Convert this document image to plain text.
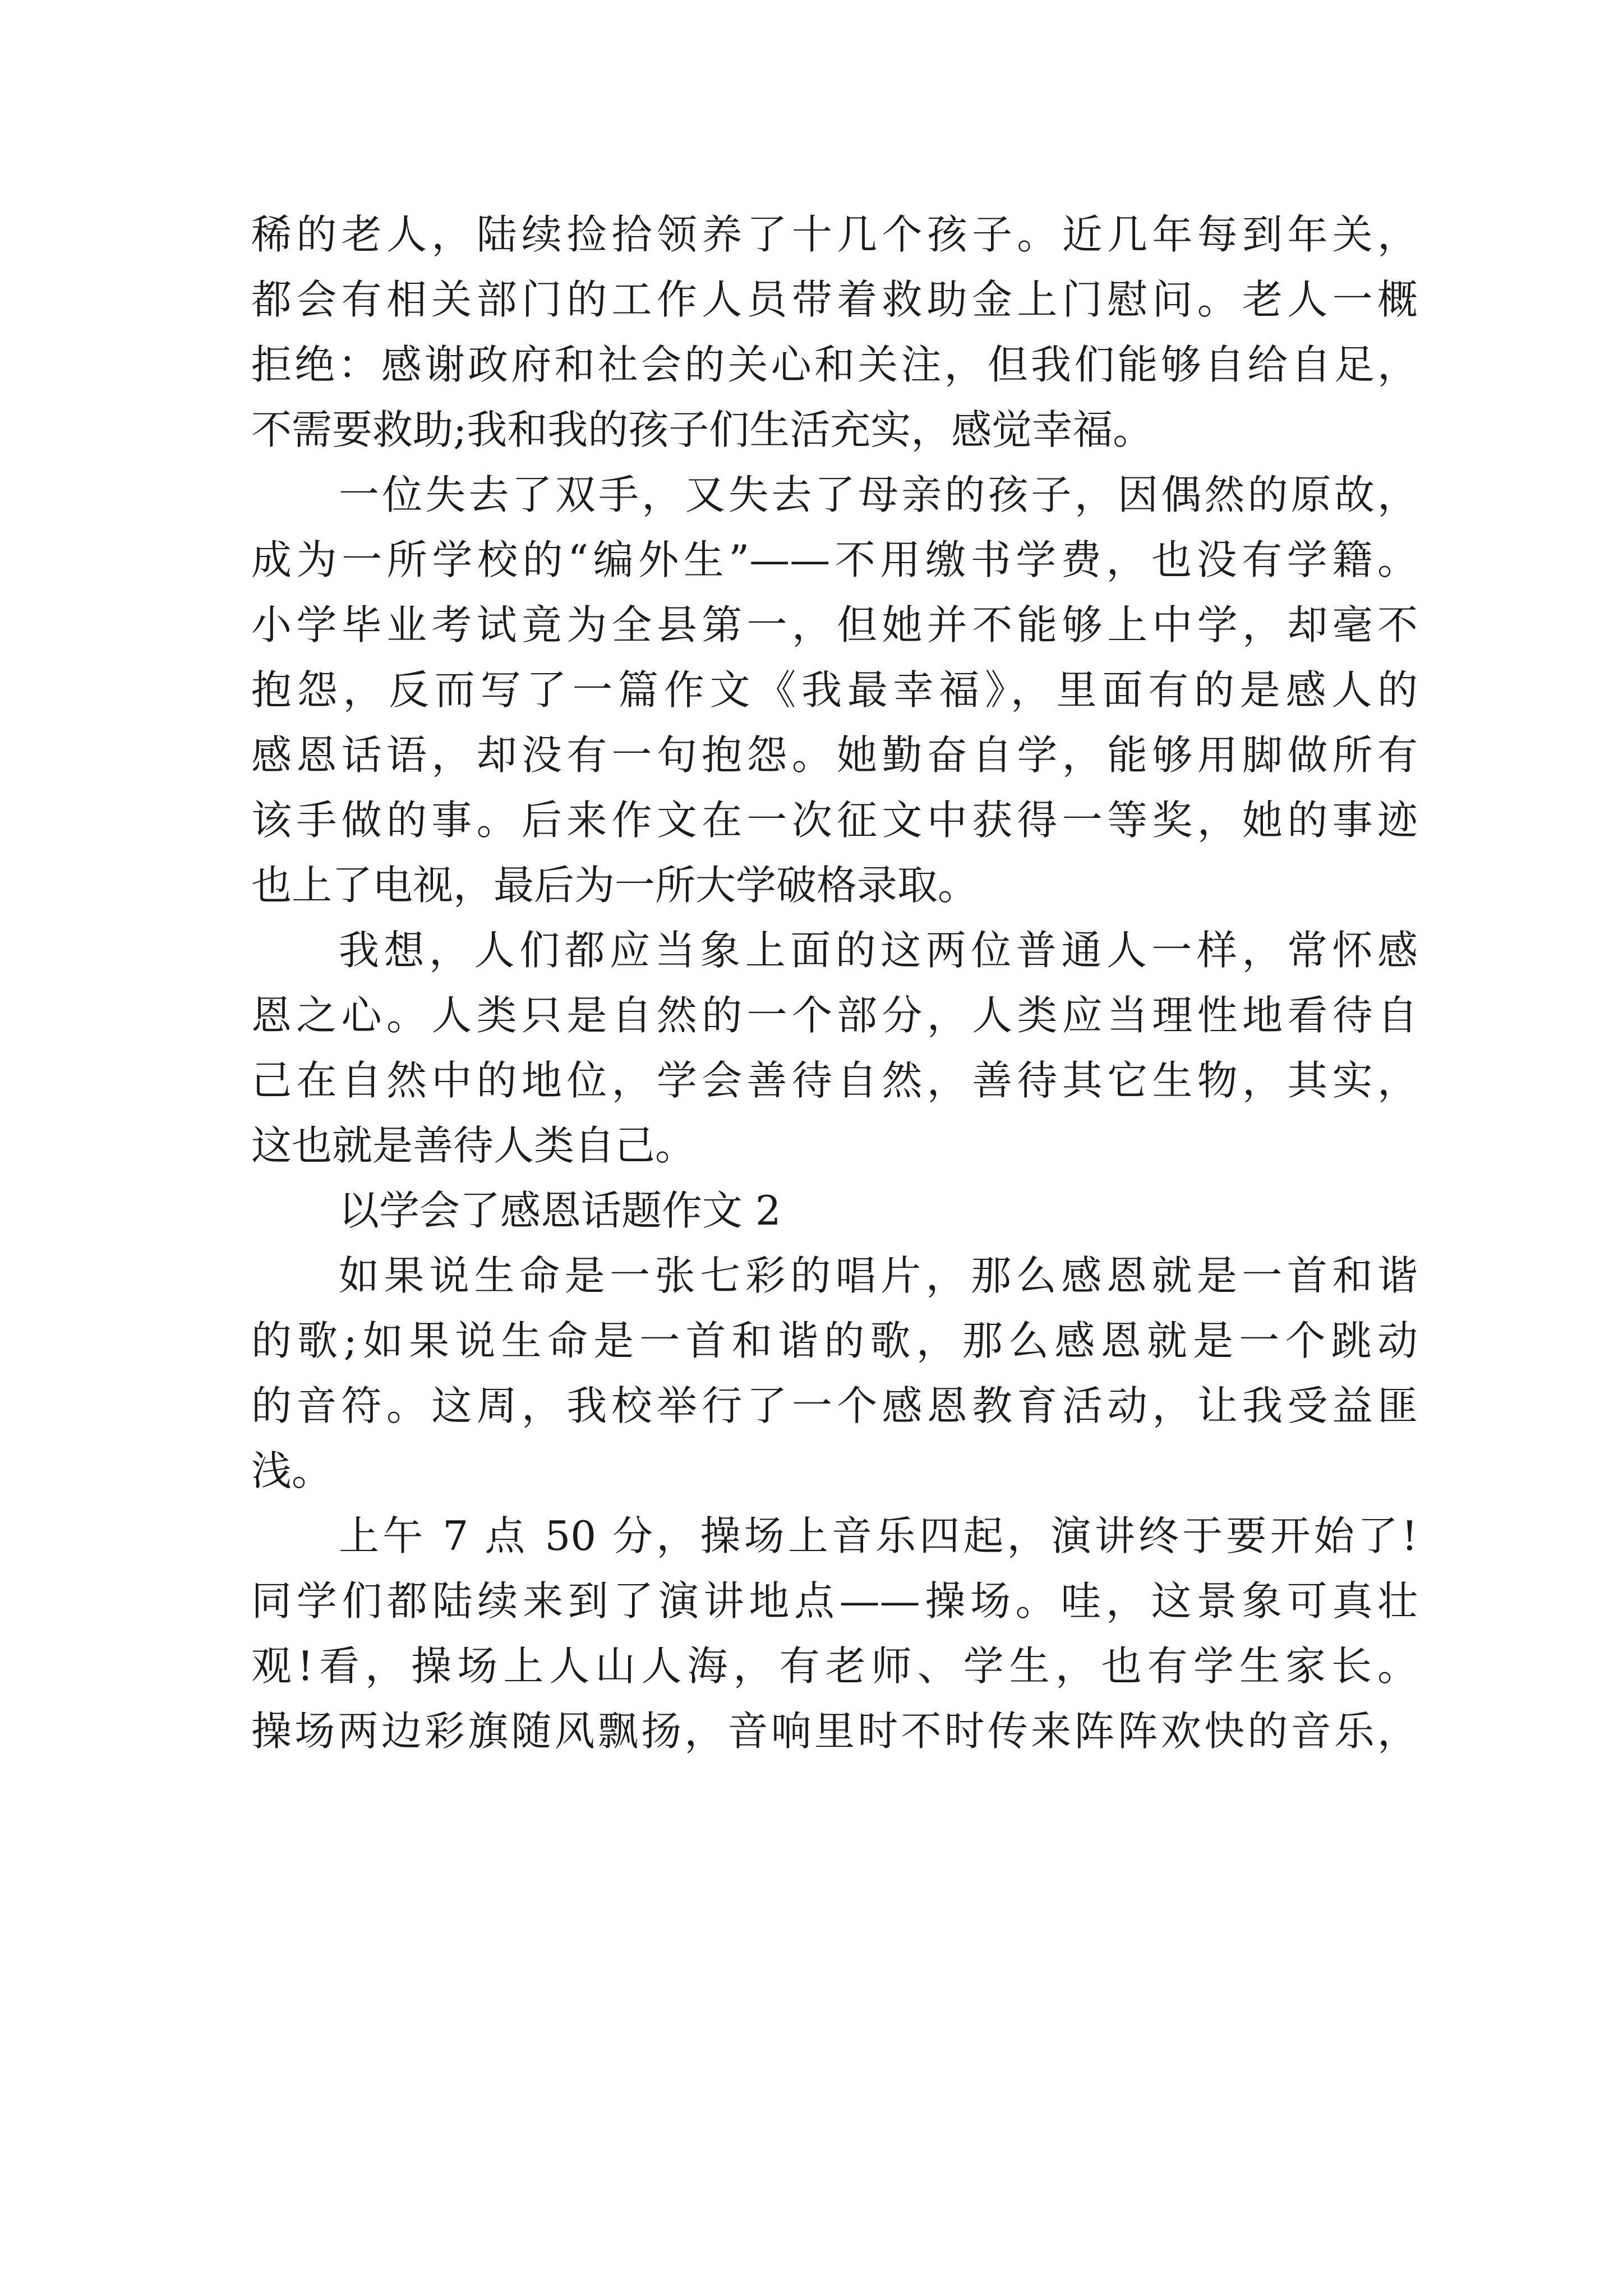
稀的老人，陆续捡拾领养了十几个孩子。近几年每到年关，
都会有相关部门的工作人员带着救助金上门慰问。老人一概
拒绝：感谢政府和社会的关心和关注，但我们能够自给自足，
不需要救助;我和我的孩子们生活充实，感觉幸福。
一位失去了双手，又失去了母亲的孩子，因偶然的原故，
成为一所学校的“编外生”——不用缴书学费，也没有学籍。
小学毕业考试竟为全县第一，但她并不能够上中学，却毫不
抱怨，反而写了一篇作文《我最幸福》，里面有的是感人的
感恩话语，却没有一句抱怨。她勤奋自学，能够用脚做所有
该手做的事。后来作文在一次征文中获得一等奖，她的事迹
也上了电视，最后为一所大学破格录取。
我想，人们都应当象上面的这两位普通人一样，常怀感
恩之心。人类只是自然的一个部分，人类应当理性地看待自
己在自然中的地位，学会善待自然，善待其它生物，其实，
这也就是善待人类自己。
以学会了感恩话题作文 2
如果说生命是一张七彩的唱片，那么感恩就是一首和谐
的歌;如果说生命是一首和谐的歌，那么感恩就是一个跳动
的音符。这周，我校举行了一个感恩教育活动，让我受益匪
浅。
上午 7 点 50 分，操场上音乐四起，演讲终于要开始了!
同学们都陆续来到了演讲地点——操场。哇，这景象可真壮
观!看，操场上人山人海，有老师、学生，也有学生家长。
操场两边彩旗随风飘扬，音响里时不时传来阵阵欢快的音乐，
